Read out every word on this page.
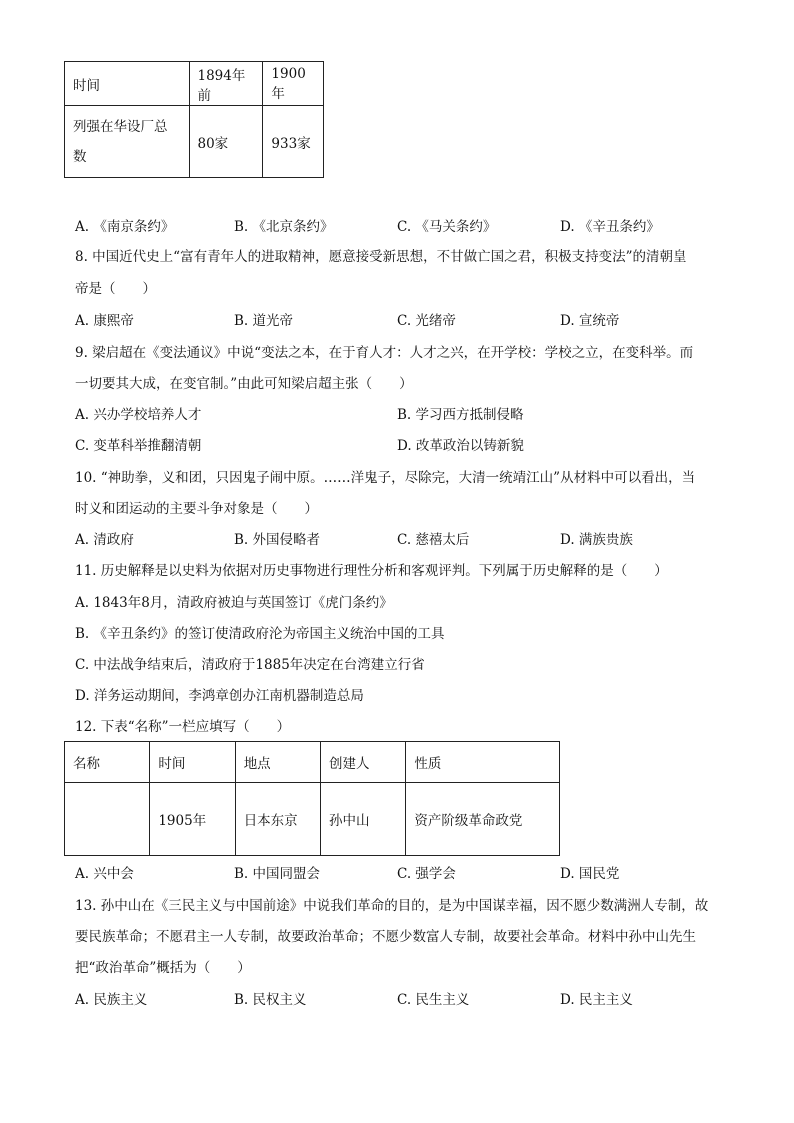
时间	1894年前	1900年
列强在华设厂总数	80家	933家
A. 《南京条约》	B. 《北京条约》	C. 《马关条约》	D. 《辛丑条约》
8. 中国近代史上“富有青年人的进取精神，愿意接受新思想，不甘做亡国之君，积极支持变法”的清朝皇
帝是（　　）
A. 康熙帝	B. 道光帝	C. 光绪帝	D. 宣统帝
9. 梁启超在《变法通议》中说“变法之本，在于育人才：人才之兴，在开学校：学校之立，在变科举。而
一切要其大成，在变官制。”由此可知梁启超主张（　　）
A. 兴办学校培养人才	B. 学习西方抵制侵略
C. 变革科举推翻清朝	D. 改革政治以铸新貌
10. “神助拳，义和团，只因鬼子闹中原。……洋鬼子，尽除完，大清一统靖江山”从材料中可以看出，当
时义和团运动的主要斗争对象是（　　）
A. 清政府	B. 外国侵略者	C. 慈禧太后	D. 满族贵族
11. 历史解释是以史料为依据对历史事物进行理性分析和客观评判。下列属于历史解释的是（　　）
A. 1843年8月，清政府被迫与英国签订《虎门条约》
B. 《辛丑条约》的签订使清政府沦为帝国主义统治中国的工具
C. 中法战争结束后，清政府于1885年决定在台湾建立行省
D. 洋务运动期间，李鸿章创办江南机器制造总局
12. 下表“名称”一栏应填写（　　）
名称	时间	地点	创建人	性质
	1905年	日本东京	孙中山	资产阶级革命政党
A. 兴中会	B. 中国同盟会	C. 强学会	D. 国民党
13. 孙中山在《三民主义与中国前途》中说我们革命的目的，是为中国谋幸福，因不愿少数满洲人专制，故
要民族革命；不愿君主一人专制，故要政治革命；不愿少数富人专制，故要社会革命。材料中孙中山先生
把“政治革命”概括为（　　）
A. 民族主义	B. 民权主义	C. 民生主义	D. 民主主义
